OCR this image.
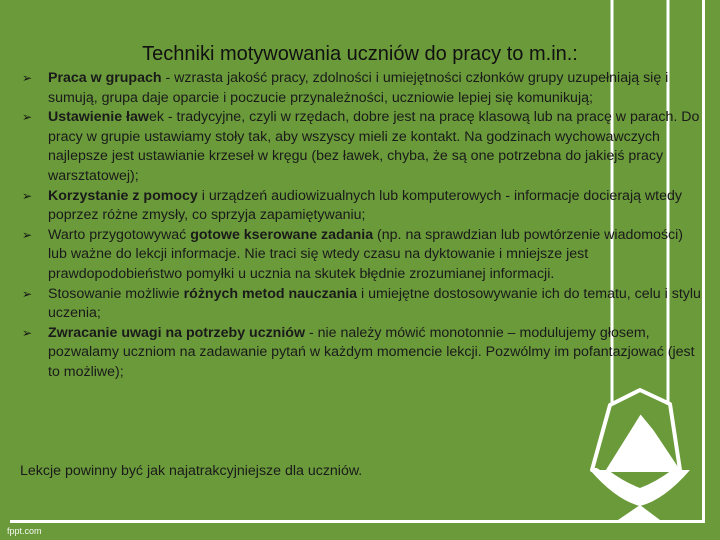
Techniki motywowania uczniów do pracy to m.in.:
➢ Praca w grupach - wzrasta jakość pracy, zdolności i umiejętności członków grupy uzupełniają się i sumują, grupa daje oparcie i poczucie przynależności, uczniowie lepiej się komunikują;
➢ Ustawienie ławek - tradycyjne, czyli w rzędach, dobre jest na pracę klasową lub na pracę w parach. Do pracy w grupie ustawiamy stoły tak, aby wszyscy mieli ze kontakt. Na godzinach wychowawczych najlepsze jest ustawianie krzeseł w kręgu (bez ławek, chyba, że są one potrzebna do jakiejś pracy warsztatowej);
➢ Korzystanie z pomocy i urządzeń audiowizualnych lub komputerowych - informacje docierają wtedy poprzez różne zmysły, co sprzyja zapamiętywaniu;
➢ Warto przygotowywać gotowe kserowane zadania (np. na sprawdzian lub powtórzenie wiadomości) lub ważne do lekcji informacje. Nie traci się wtedy czasu na dyktowanie i mniejsze jest prawdopodobieństwo pomyłki u ucznia na skutek błędnie zrozumianej informacji.
➢ Stosowanie możliwie różnych metod nauczania i umiejętne dostosowywanie ich do tematu, celu i stylu uczenia;
➢ Zwracanie uwagi na potrzeby uczniów - nie należy mówić monotonnie – modulujemy głosem, pozwalamy uczniom na zadawanie pytań w każdym momencie lekcji. Pozwólmy im pofantazjować (jest to możliwe);
Lekcje powinny być jak najatrakcyjniejsze dla uczniów.
fppt.com
